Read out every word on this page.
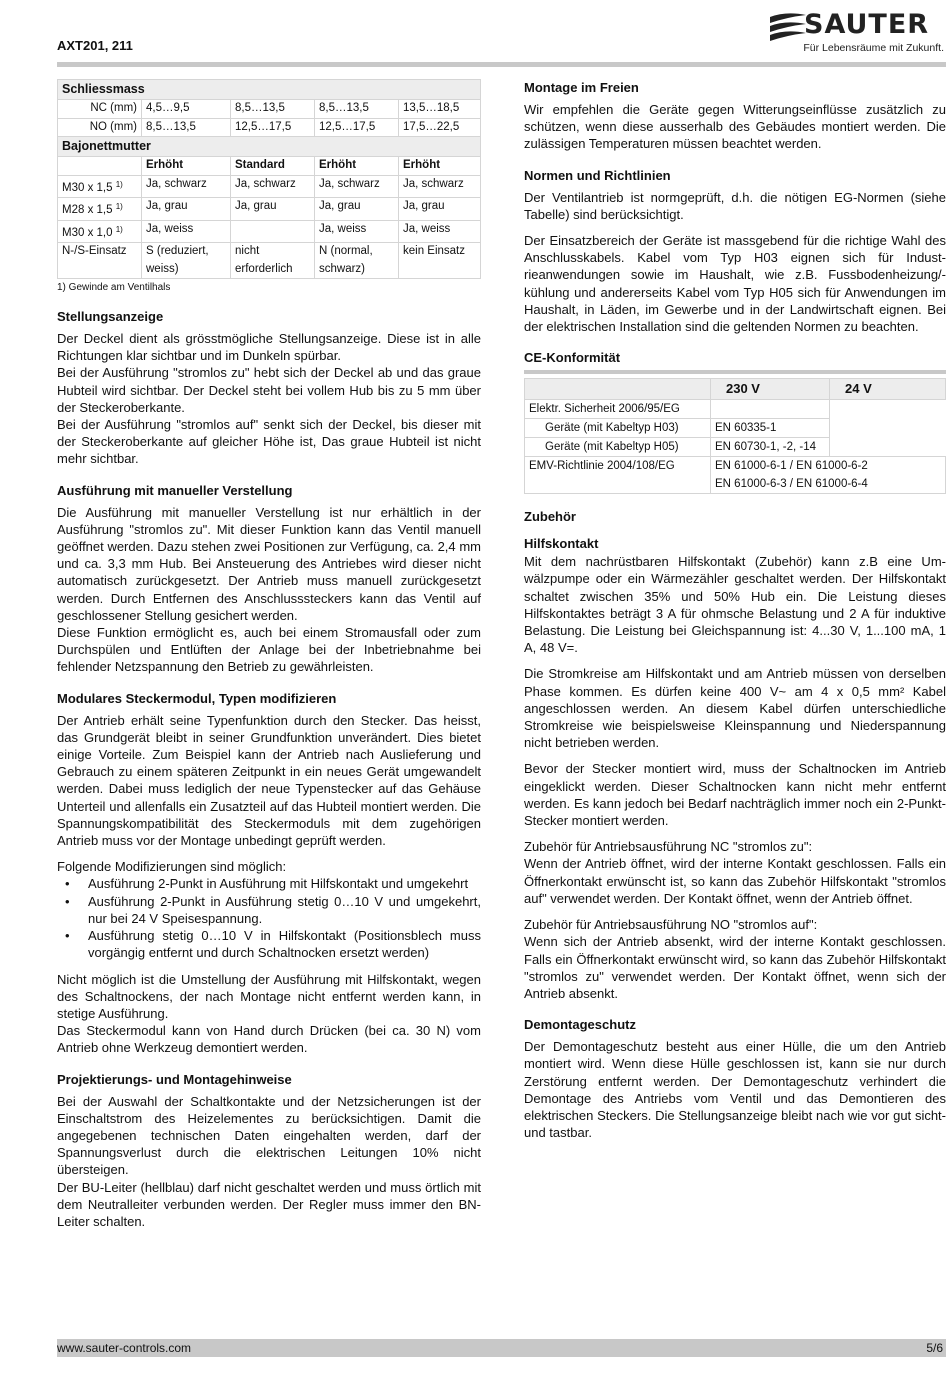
AXT201, 211
SAUTER
Für Lebensräume mit Zukunft.
Schliessmass				
NC (mm)	4,5…9,5	8,5…13,5	8,5…13,5	13,5…18,5
NO (mm)	8,5…13,5	12,5…17,5	12,5…17,5	17,5…22,5
Bajonettmutter				
	Erhöht	Standard	Erhöht	Erhöht
M30 x 1,5 $^{1)}$	Ja, schwarz	Ja, schwarz	Ja, schwarz	Ja, schwarz
M28 x 1,5 $^{1)}$	Ja, grau	Ja, grau	Ja, grau	Ja, grau
M30 x 1,0 $^{1)}$	Ja, weiss		Ja, weiss	Ja, weiss
N-/S-Einsatz	S (reduziert, weiss)	nicht erforderlich	N (normal, schwarz)	kein Einsatz
1) Gewinde am Ventilhals
Stellungsanzeige

Der Deckel dient als grösstmögliche Stellungsanzeige. Diese ist in alle Richtungen klar sichtbar und im Dunkeln spürbar.

Bei der Ausführung "stromlos zu" hebt sich der Deckel ab und das graue Hubteil wird sichtbar. Der Deckel steht bei vollem Hub bis zu 5 mm über der Steckeroberkante.

Bei der Ausführung "stromlos auf" senkt sich der Deckel, bis dieser mit der Steckeroberkante auf gleicher Höhe ist, Das graue Hubteil ist nicht mehr sichtbar.

Ausführung mit manueller Verstellung

Die Ausführung mit manueller Verstellung ist nur erhältlich in der Ausführung "stromlos zu". Mit dieser Funktion kann das Ventil manuell geöffnet werden. Dazu stehen zwei Positionen zur Verfügung, ca. 2,4 mm und ca. 3,3 mm Hub. Bei Ansteuerung des Antriebes wird dieser nicht automatisch zurückgesetzt. Der Antrieb muss manuell zurückgesetzt werden. Durch Entfernen des Anschlusssteckers kann das Ventil auf geschlossener Stellung gesichert werden.

Diese Funktion ermöglicht es, auch bei einem Stromausfall oder zum Durchspülen und Entlüften der Anlage bei der Inbetriebnahme bei fehlender Netzspannung den Betrieb zu gewährleisten.

Modulares Steckermodul, Typen modifizieren

Der Antrieb erhält seine Typenfunktion durch den Stecker. Das heisst, das Grundgerät bleibt in seiner Grundfunktion unverändert. Dies bietet einige Vorteile. Zum Beispiel kann der Antrieb nach Auslieferung und Gebrauch zu einem späteren Zeitpunkt in ein neues Gerät umgewandelt werden. Dabei muss lediglich der neue Typenstecker auf das Gehäuse Unterteil und allenfalls ein Zusatzteil auf das Hubteil montiert werden. Die Spannungskompatibilität des Steckermoduls mit dem zugehörigen Antrieb muss vor der Montage unbedingt geprüft werden.

Folgende Modifizierungen sind möglich:

• Ausführung 2-Punkt in Ausführung mit Hilfskontakt und umgekehrt
• Ausführung 2-Punkt in Ausführung stetig 0…10 V und umgekehrt, nur bei 24 V Speisespannung.
• Ausführung stetig 0…10 V in Hilfskontakt (Positionsblech muss vorgängig entfernt und durch Schaltnocken ersetzt werden)

Nicht möglich ist die Umstellung der Ausführung mit Hilfskontakt, wegen des Schaltnockens, der nach Montage nicht entfernt werden kann, in stetige Ausführung.

Das Steckermodul kann von Hand durch Drücken (bei ca. 30 N) vom Antrieb ohne Werkzeug demontiert werden.

Projektierungs- und Montagehinweise

Bei der Auswahl der Schaltkontakte und der Netzsicherungen ist der Einschaltstrom des Heizelementes zu berücksichtigen. Damit die angegebenen technischen Daten eingehalten werden, darf der Spannungsverlust durch die elektrischen Leitungen 10% nicht übersteigen.

Der BU-Leiter (hellblau) darf nicht geschaltet werden und muss örtlich mit dem Neutralleiter verbunden werden. Der Regler muss immer den BN-Leiter schalten.

Montage im Freien

Wir empfehlen die Geräte gegen Witterungseinflüsse zusätzlich zu schützen, wenn diese ausserhalb des Gebäudes montiert werden. Die zulässigen Temperaturen müssen beachtet werden.

Normen und Richtlinien

Der Ventilantrieb ist normgeprüft, d.h. die nötigen EG-Normen (siehe Tabelle) sind berücksichtigt.

Der Einsatzbereich der Geräte ist massgebend für die richtige Wahl des Anschlusskabels. Kabel vom Typ H03 eignen sich für Industrieanwendungen sowie im Haushalt, wie z.B. Fussbodenheizung/-kühlung und andererseits Kabel vom Typ H05 sich für Anwendungen im Haushalt, in Läden, im Gewerbe und in der Landwirtschaft eignen. Bei der elektrischen Installation sind die geltenden Normen zu beachten.

CE-Konformität
	230 V	24 V
Elektr. Sicherheit 2006/95/EG		
Geräte (mit Kabeltyp H03)	EN 60335-1	
Geräte (mit Kabeltyp H05)	EN 60730-1, -2, -14	
EMV-Richtlinie 2004/108/EG	EN 61000-6-1 / EN 61000-6-2
EN 61000-6-3 / EN 61000-6-4	
Zubehör
Hilfskontakt

Mit dem nachrüstbaren Hilfskontakt (Zubehör) kann z.B eine Umwälzpumpe oder ein Wärmezähler geschaltet werden. Der Hilfskontakt schaltet zwischen 35% und 50% Hub ein. Die Leistung dieses Hilfskontaktes beträgt 3 A für ohmsche Belastung und 2 A für induktive Belastung. Die Leistung bei Gleichspannung ist: 4...30 V, 1...100 mA, 1 A, 48 V=.

Die Stromkreise am Hilfskontakt und am Antrieb müssen von derselben Phase kommen. Es dürfen keine 400 V~ am 4 x 0,5 mm² Kabel angeschlossen werden. An diesem Kabel dürfen unterschiedliche Stromkreise wie beispielsweise Kleinspannung und Niederspannung nicht betrieben werden.

Bevor der Stecker montiert wird, muss der Schaltnocken im Antrieb eingeklickt werden. Dieser Schaltnocken kann nicht mehr entfernt werden. Es kann jedoch bei Bedarf nachträglich immer noch ein 2-Punkt-Stecker montiert werden.

Zubehör für Antriebsausführung NC "stromlos zu":

Wenn der Antrieb öffnet, wird der interne Kontakt geschlossen. Falls ein Öffnerkontakt erwünscht ist, so kann das Zubehör Hilfskontakt "stromlos auf" verwendet werden. Der Kontakt öffnet, wenn der Antrieb öffnet.

Zubehör für Antriebsausführung NO "stromlos auf":

Wenn sich der Antrieb absenkt, wird der interne Kontakt geschlossen. Falls ein Öffnerkontakt erwünscht wird, so kann das Zubehör Hilfskontakt "stromlos zu" verwendet werden. Der Kontakt öffnet, wenn sich der Antrieb absenkt.

Demontageschutz

Der Demontageschutz besteht aus einer Hülle, die um den Antrieb montiert wird. Wenn diese Hülle geschlossen ist, kann sie nur durch Zerstörung entfernt werden. Der Demontageschutz verhindert die Demontage des Antriebs vom Ventil und das Demontieren des elektrischen Steckers. Die Stellungsanzeige bleibt nach wie vor gut sicht- und tastbar.

www.sauter-controls.com	5/6
